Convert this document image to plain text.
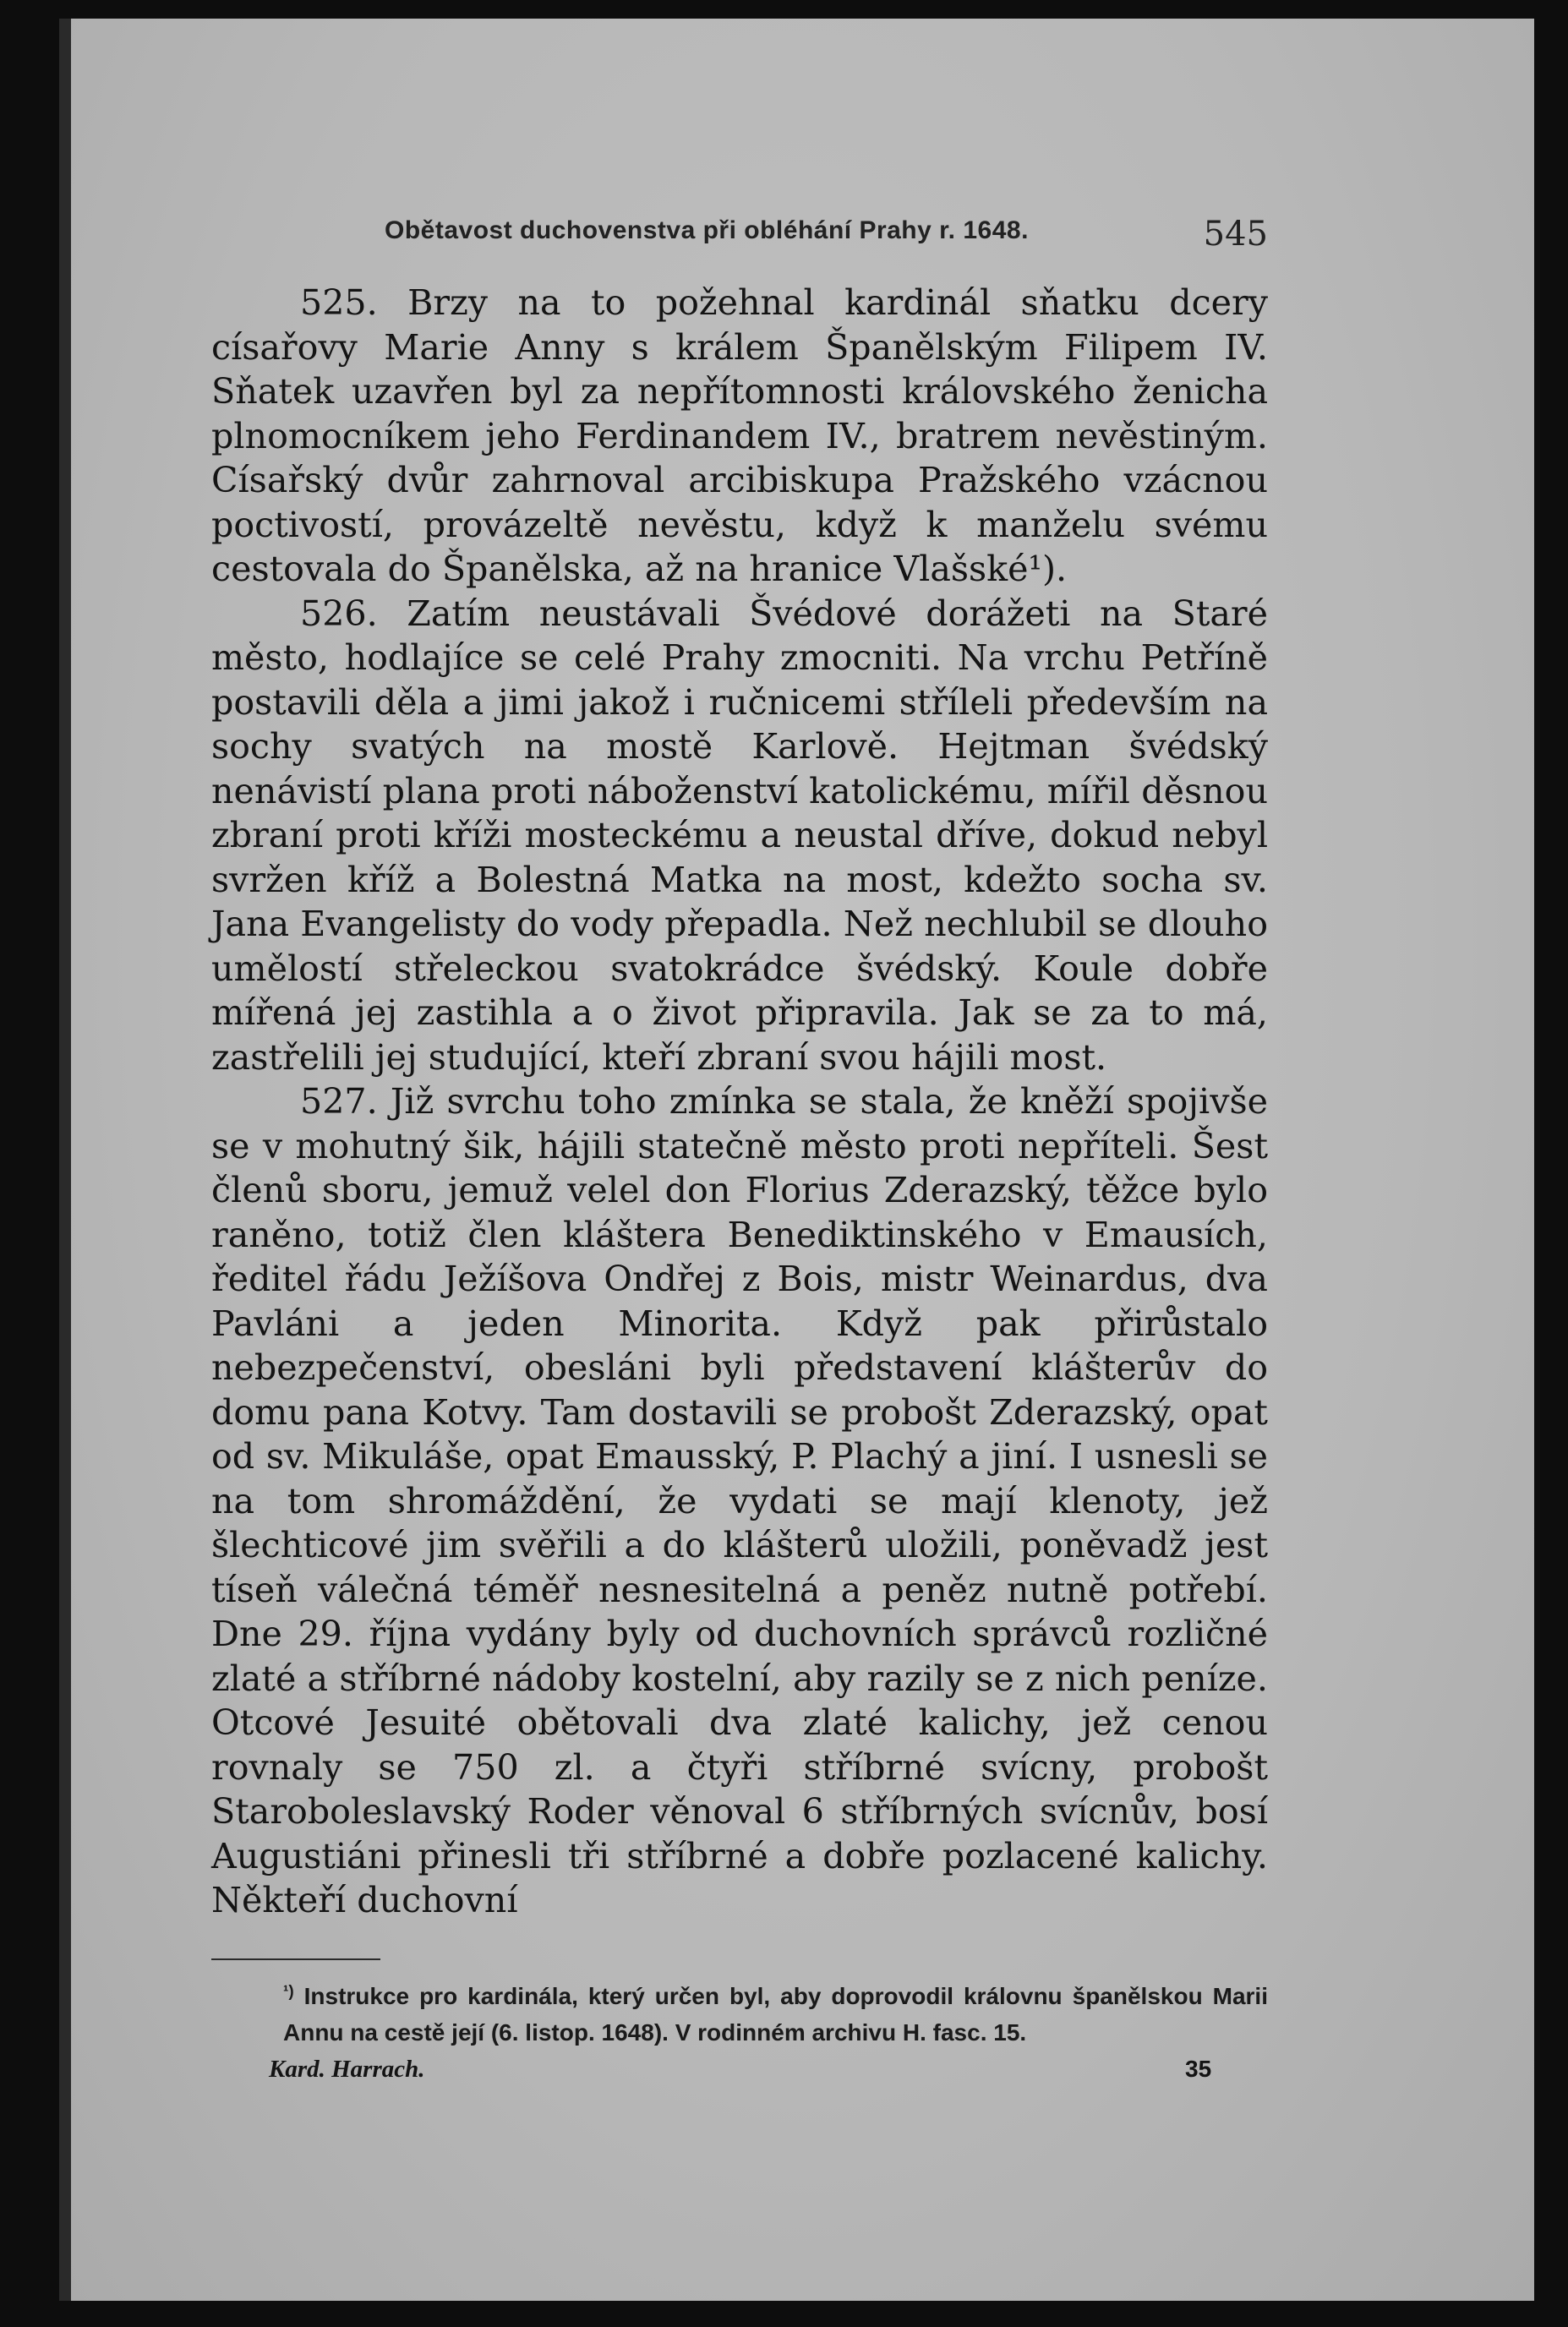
Obětavost duchovenstva při obléhání Prahy r. 1648.	545

525. Brzy na to požehnal kardinál sňatku dcery císařovy Marie Anny s králem Španělským Filipem IV. Sňatek uzavřen byl za nepřítomnosti královského ženicha plnomocníkem jeho Ferdinandem IV., bratrem nevěstiným. Císařský dvůr zahrnoval arcibiskupa Pražského vzácnou poctivostí, provázeltě nevěstu, když k manželu svému cestovala do Španělska, až na hranice Vlašské¹).

526. Zatím neustávali Švédové dorážeti na Staré město, hodlajíce se celé Prahy zmocniti. Na vrchu Petříně postavili děla a jimi jakož i ručnicemi stříleli především na sochy svatých na mostě Karlově. Hejtman švédský nenávistí plana proti náboženství katolickému, mířil děsnou zbraní proti kříži mosteckému a neustal dříve, dokud nebyl svržen kříž a Bolestná Matka na most, kdežto socha sv. Jana Evangelisty do vody přepadla. Než nechlubil se dlouho umělostí střeleckou svatokrádce švédský. Koule dobře mířená jej zastihla a o život připravila. Jak se za to má, zastřelili jej studující, kteří zbraní svou hájili most.

527. Již svrchu toho zmínka se stala, že kněží spojivše se v mohutný šik, hájili statečně město proti nepříteli. Šest členů sboru, jemuž velel don Florius Zderazský, těžce bylo raněno, totiž člen kláštera Benediktinského v Emausích, ředitel řádu Ježíšova Ondřej z Bois, mistr Weinardus, dva Pavláni a jeden Minorita. Když pak přirůstalo nebezpečenství, obesláni byli představení klášterův do domu pana Kotvy. Tam dostavili se probošt Zderazský, opat od sv. Mikuláše, opat Emausský, P. Plachý a jiní. I usnesli se na tom shromáždění, že vydati se mají klenoty, jež šlechticové jim svěřili a do klášterů uložili, poněvadž jest tíseň válečná téměř nesnesitelná a peněz nutně potřebí. Dne 29. října vydány byly od duchovních správců rozličné zlaté a stříbrné nádoby kostelní, aby razily se z nich peníze. Otcové Jesuité obětovali dva zlaté kalichy, jež cenou rovnaly se 750 zl. a čtyři stříbrné svícny, probošt Staroboleslavský Roder věnoval 6 stříbrných svícnův, bosí Augustiáni přinesli tři stříbrné a dobře pozlacené kalichy. Někteří duchovní

$^{^1)}$ Instrukce pro kardinála, který určen byl, aby doprovodil královnu španělskou Marii Annu na cestě její (6. listop. 1648). V rodinném archivu H. fasc. 15.
Kard. Harrach.	35
